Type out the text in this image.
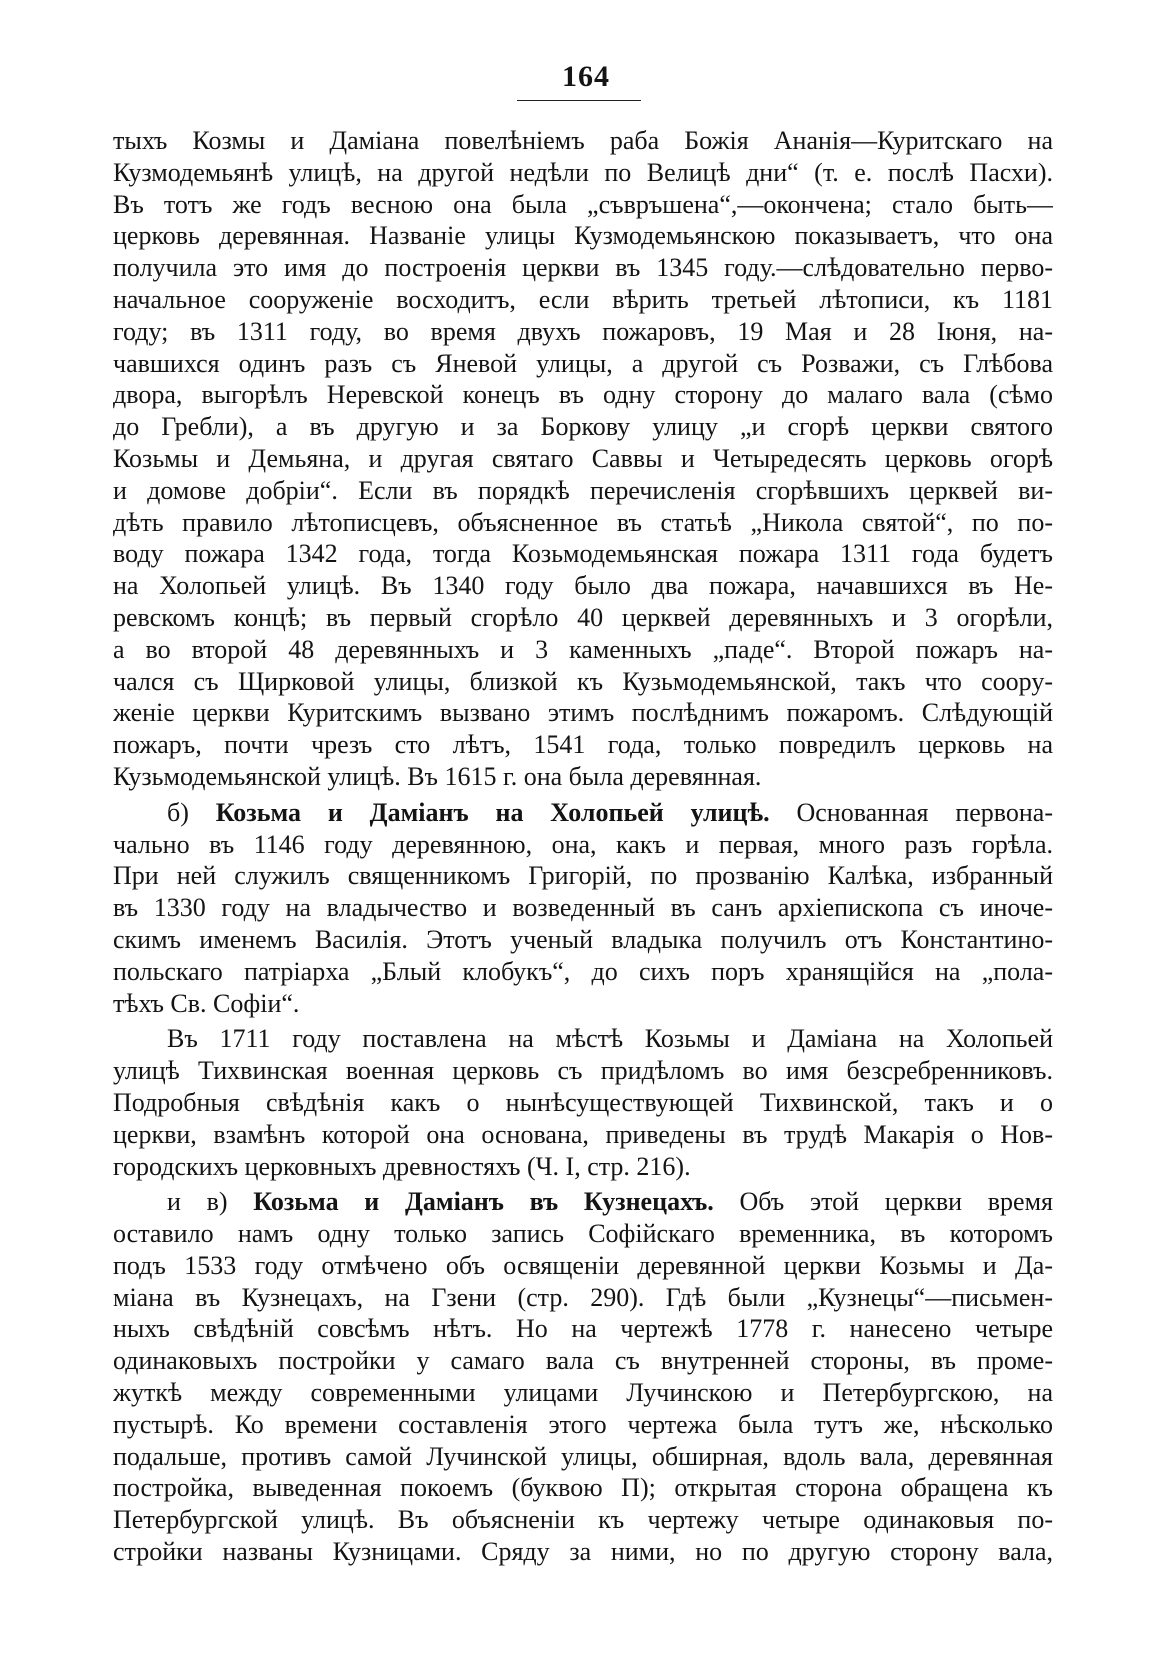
164
тыхъ Козмы и Даміана повелѣніемъ раба Божія Ананія—Куритскаго на
Кузмодемьянѣ улицѣ, на другой недѣли по Велицѣ дни“ (т. е. послѣ Пасхи).
Въ тотъ же годъ весною она была „съвръшена“,—окончена; стало быть—
церковь деревянная. Названіе улицы Кузмодемьянскою показываетъ, что она
получила это имя до построенія церкви въ 1345 году.—слѣдовательно перво-
начальное сооруженіе восходитъ, если вѣрить третьей лѣтописи, къ 1181
году; въ 1311 году, во время двухъ пожаровъ, 19 Мая и 28 Іюня, на-
чавшихся одинъ разъ съ Яневой улицы, а другой съ Розважи, съ Глѣбова
двора, выгорѣлъ Неревской конецъ въ одну сторону до малаго вала (сѣмо
до Гребли), а въ другую и за Боркову улицу „и сгорѣ церкви святого
Козьмы и Демьяна, и другая святаго Саввы и Четыредесять церковь огорѣ
и домове добріи“. Если въ порядкѣ перечисленія сгорѣвшихъ церквей ви-
дѣть правило лѣтописцевъ, объясненное въ статьѣ „Никола святой“, по по-
воду пожара 1342 года, тогда Козьмодемьянская пожара 1311 года будетъ
на Холопьей улицѣ. Въ 1340 году было два пожара, начавшихся въ Не-
ревскомъ концѣ; въ первый сгорѣло 40 церквей деревянныхъ и 3 огорѣли,
а во второй 48 деревянныхъ и 3 каменныхъ „паде“. Второй пожаръ на-
чался съ Щирковой улицы, близкой къ Кузьмодемьянской, такъ что соору-
женіе церкви Куритскимъ вызвано этимъ послѣднимъ пожаромъ. Слѣдующій
пожаръ, почти чрезъ сто лѣтъ, 1541 года, только повредилъ церковь на
Кузьмодемьянской улицѣ. Въ 1615 г. она была деревянная.
б) Козьма и Даміанъ на Холопьей улицѣ. Основанная первона-
чально въ 1146 году деревянною, она, какъ и первая, много разъ горѣла.
При ней служилъ священникомъ Григорій, по прозванію Калѣка, избранный
въ 1330 году на владычество и возведенный въ санъ архіепископа съ иноче-
скимъ именемъ Василія. Этотъ ученый владыка получилъ отъ Константино-
польскаго патріарха „Блый клобукъ“, до сихъ поръ хранящійся на „пола-
тѣхъ Св. Софіи“.
Въ 1711 году поставлена на мѣстѣ Козьмы и Даміана на Холопьей
улицѣ Тихвинская военная церковь съ придѣломъ во имя безсребренниковъ.
Подробныя свѣдѣнія какъ о нынѣсуществующей Тихвинской, такъ и о
церкви, взамѣнъ которой она основана, приведены въ трудѣ Макарія о Нов-
городскихъ церковныхъ древностяхъ (Ч. I, стр. 216).
и в) Козьма и Даміанъ въ Кузнецахъ. Объ этой церкви время
оставило намъ одну только запись Софійскаго временника, въ которомъ
подъ 1533 году отмѣчено объ освященіи деревянной церкви Козьмы и Да-
міана въ Кузнецахъ, на Гзени (стр. 290). Гдѣ были „Кузнецы“—письмен-
ныхъ свѣдѣній совсѣмъ нѣтъ. Но на чертежѣ 1778 г. нанесено четыре
одинаковыхъ постройки у самаго вала съ внутренней стороны, въ проме-
жуткѣ между современными улицами Лучинскою и Петербургскою, на
пустырѣ. Ко времени составленія этого чертежа была тутъ же, нѣсколько
подальше, противъ самой Лучинской улицы, обширная, вдоль вала, деревянная
постройка, выведенная покоемъ (буквою П); открытая сторона обращена къ
Петербургской улицѣ. Въ объясненіи къ чертежу четыре одинаковыя по-
стройки названы Кузницами. Сряду за ними, но по другую сторону вала,
